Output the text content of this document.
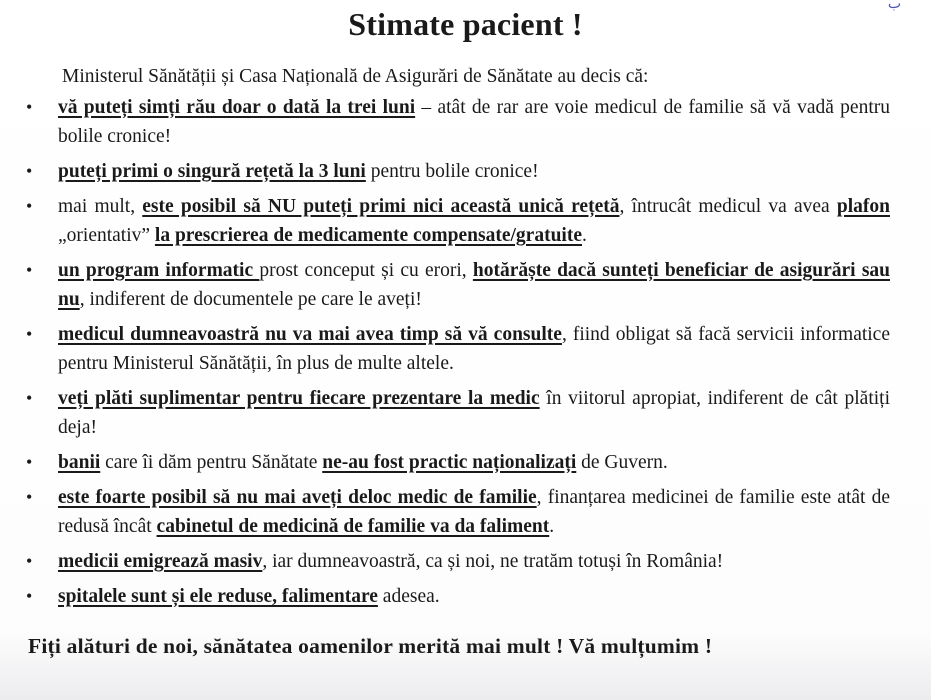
ب
Stimate pacient !
Ministerul Sănătății și Casa Națională de Asigurări de Sănătate au decis că:
• vă puteți simți rău doar o dată la trei luni – atât de rar are voie medicul de familie să vă vadă pentru bolile cronice!
• puteți primi o singură rețetă la 3 luni pentru bolile cronice!
• mai mult, este posibil să NU puteți primi nici această unică rețetă, întrucât medicul va avea plafon „orientativ” la prescrierea de medicamente compensate/gratuite.
• un program informatic prost conceput și cu erori, hotărăște dacă sunteți beneficiar de asigurări sau nu, indiferent de documentele pe care le aveți!
• medicul dumneavoastră nu va mai avea timp să vă consulte, fiind obligat să facă servicii informatice pentru Ministerul Sănătății, în plus de multe altele.
• veți plăti suplimentar pentru fiecare prezentare la medic în viitorul apropiat, indiferent de cât plătiți deja!
• banii care îi dăm pentru Sănătate ne-au fost practic naționalizați de Guvern.
• este foarte posibil să nu mai aveți deloc medic de familie, finanțarea medicinei de familie este atât de redusă încât cabinetul de medicină de familie va da faliment.
• medicii emigrează masiv, iar dumneavoastră, ca și noi, ne tratăm totuși în România!
• spitalele sunt și ele reduse, falimentare adesea.
Fiți alături de noi, sănătatea oamenilor merită mai mult ! Vă mulțumim !
